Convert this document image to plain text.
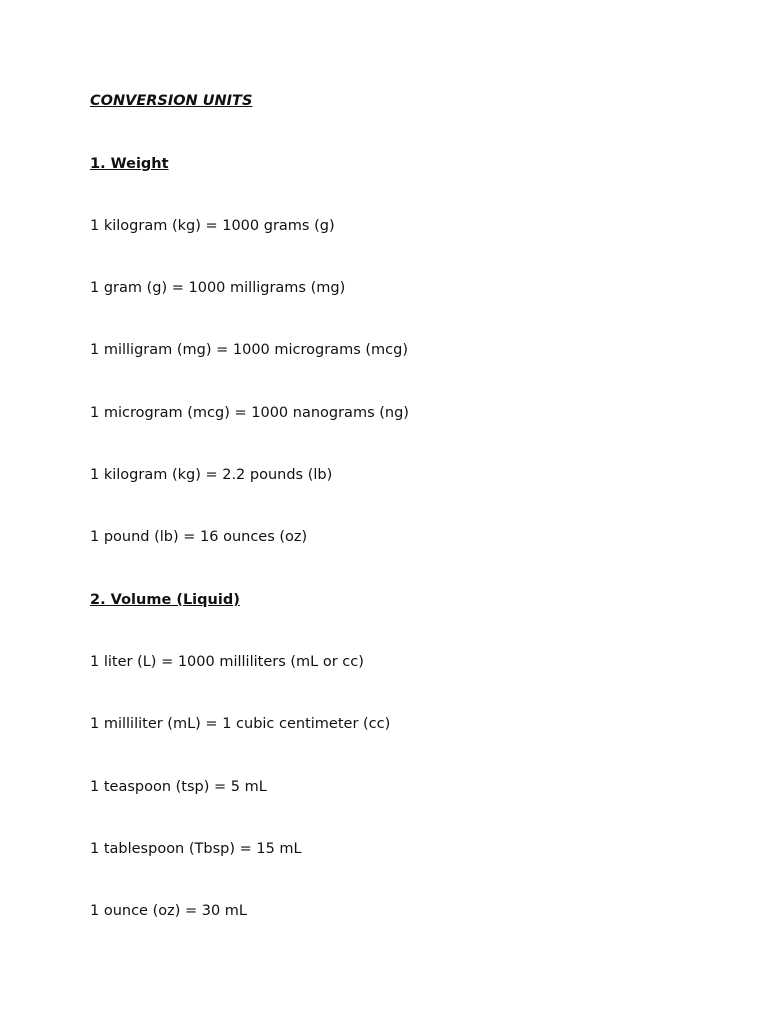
CONVERSION UNITS
1. Weight
1 kilogram (kg) = 1000 grams (g)
1 gram (g) = 1000 milligrams (mg)
1 milligram (mg) = 1000 micrograms (mcg)
1 microgram (mcg) = 1000 nanograms (ng)
1 kilogram (kg) = 2.2 pounds (lb)
1 pound (lb) = 16 ounces (oz)
2. Volume (Liquid)
1 liter (L) = 1000 milliliters (mL or cc)
1 milliliter (mL) = 1 cubic centimeter (cc)
1 teaspoon (tsp) = 5 mL
1 tablespoon (Tbsp) = 15 mL
1 ounce (oz) = 30 mL
